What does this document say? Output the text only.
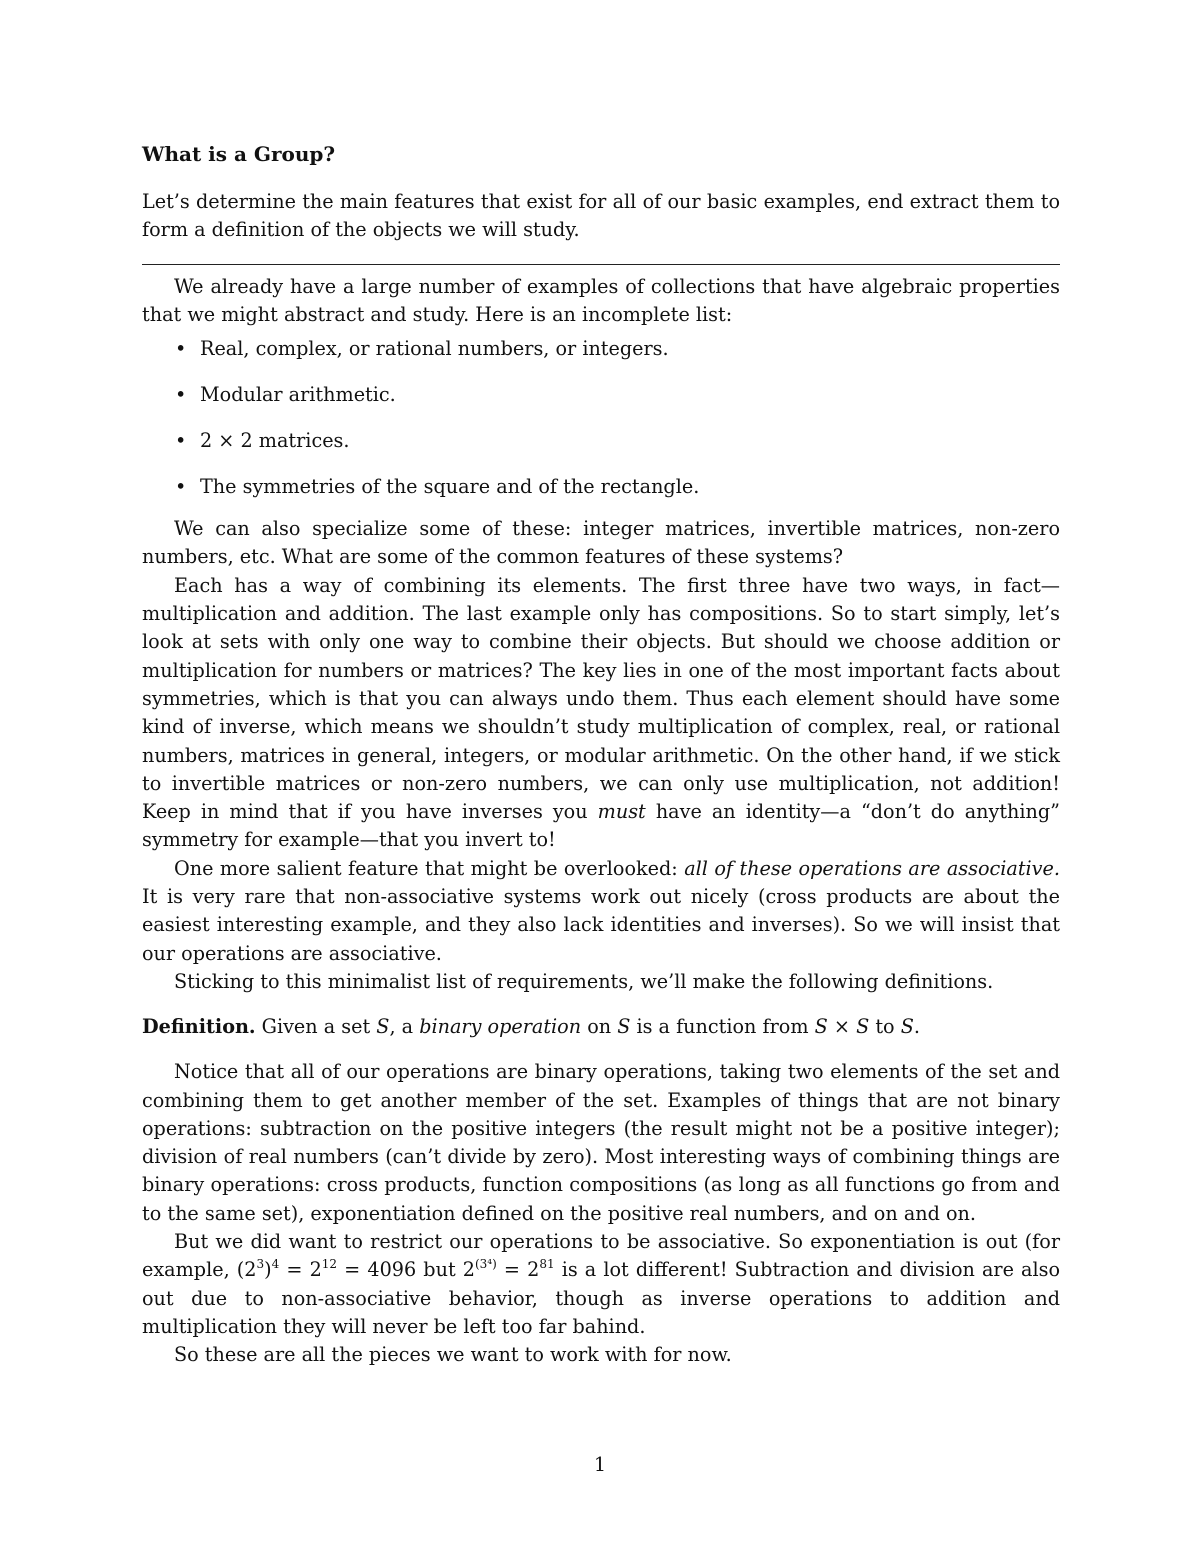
What is a Group?

Let’s determine the main features that exist for all of our basic examples, end extract them to form a definition of the objects we will study.

We already have a large number of examples of collections that have algebraic properties that we might abstract and study. Here is an incomplete list:

• Real, complex, or rational numbers, or integers.
• Modular arithmetic.
• 2 × 2 matrices.
• The symmetries of the square and of the rectangle.

We can also specialize some of these: integer matrices, invertible matrices, non-zero numbers, etc. What are some of the common features of these systems?

Each has a way of combining its elements. The first three have two ways, in fact—multiplication and addition. The last example only has compositions. So to start simply, let’s look at sets with only one way to combine their objects. But should we choose addition or multiplication for numbers or matrices? The key lies in one of the most important facts about symmetries, which is that you can always undo them. Thus each element should have some kind of inverse, which means we shouldn’t study multiplication of complex, real, or rational numbers, matrices in general, integers, or modular arithmetic. On the other hand, if we stick to invertible matrices or non-zero numbers, we can only use multiplication, not addition! Keep in mind that if you have inverses you must have an identity—a “don’t do anything” symmetry for example—that you invert to!

One more salient feature that might be overlooked: all of these operations are associative. It is very rare that non-associative systems work out nicely (cross products are about the easiest interesting example, and they also lack identities and inverses). So we will insist that our operations are associative.

Sticking to this minimalist list of requirements, we’ll make the following definitions.

Definition. Given a set S, a binary operation on S is a function from S × S to S.

Notice that all of our operations are binary operations, taking two elements of the set and combining them to get another member of the set. Examples of things that are not binary operations: subtraction on the positive integers (the result might not be a positive integer); division of real numbers (can’t divide by zero). Most interesting ways of combining things are binary operations: cross products, function compositions (as long as all functions go from and to the same set), exponentiation defined on the positive real numbers, and on and on.

But we did want to restrict our operations to be associative. So exponentiation is out (for example, $(2^3)^4 = 2^{12} = 4096$ but $2^{(3^4)} = 2^{81}$ is a lot different! Subtraction and division are also out due to non-associative behavior, though as inverse operations to addition and multiplication they will never be left too far bahind.

So these are all the pieces we want to work with for now.

1
